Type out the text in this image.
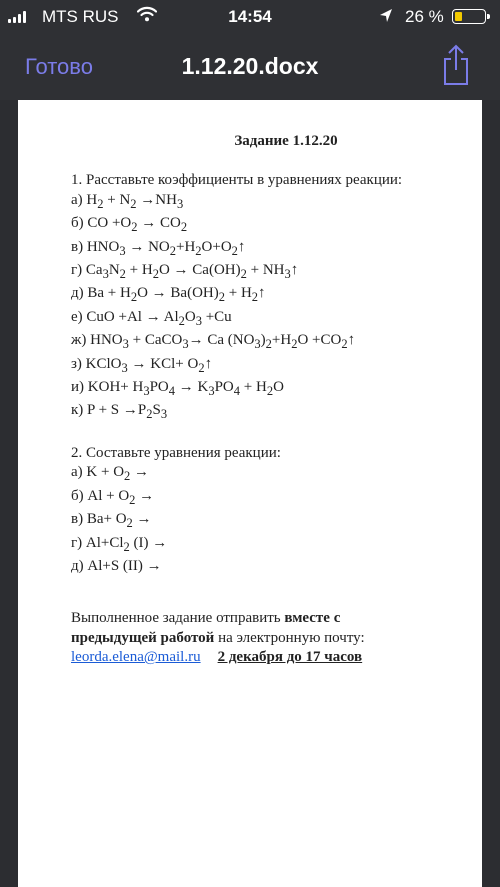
MTS RUS	14:54	26 %
Готово	1.12.20.docx
Задание 1.12.20
1. Расставьте коэффициенты в уравнениях реакции:
а) $H_2 + N_2 \to NH_3$
б) CO $+O_2 \to CO_2$
в) $HNO_3$ → $NO_2+H_2O+O_2↑$
г) $Ca_3N_2 + H_2O \to Ca(OH)_2$ + $NH_3↑$
д) $Ba + H_2O \to Ba(OH)_2$ + $H_2↑$
е) CuO $+Al \to Al_2O_3 +Cu$
ж) $HNO_3$ + CaCO$_3$→ Ca $(NO_3)_2+H_2O$ $+CO_2↑$
з) KClO$_3$ → $KCl+ O_2↑$
и) $KOH+ H_3PO_4 \to K_3PO_4 + H_2O$
к) $P + S \to P_2S_3$
2. Составьте уравнения реакции:
а) $K + O_2$ →
б) $Al + O_2$ →
в) $Ba+ O_2$ →
г) $Al+Cl_2$ (I) →
д) Al+S (II) →
Выполненное задание отправить вместе с
предыдущей работой на электронную почту:
leorda.elena@mail.ru 2 декабря до 17 часов
